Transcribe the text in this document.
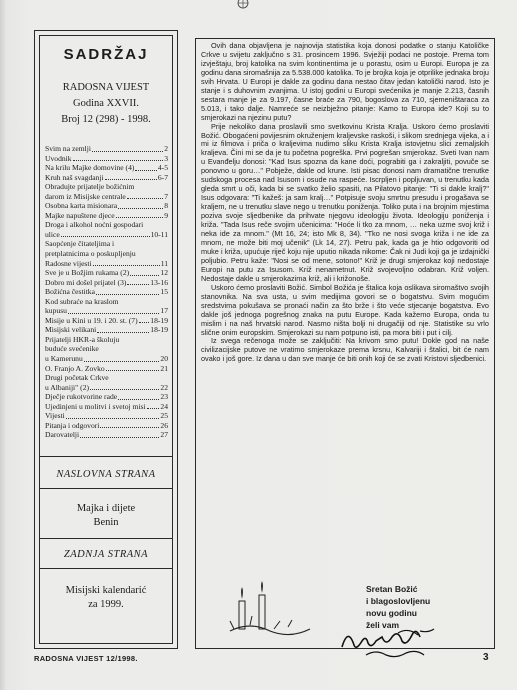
SADRŽAJ
RADOSNA VIJEST
Godina XXVII.
Broj 12 (298) - 1998.
Svim na zemlji	2
Uvodnik	3
Na krilu Majke domovine (4)	4-5
Kruh naš svagdanji	6-7
Obradujte prijatelje božićnim
darom iz Misijske centrale	7
Osobna karta misionara	8
Majke napuštene djece	9
Droga i alkohol noćni gospodari
ulice	10-11
Saopćenje čitateljima i
pretplatnicima o poskupljenju
Radosne vijesti	11
Sve je u Božjim rukama (2)	12
Dobro mi došel prijatel (3)	13-16
Božićna čestitka	15
Kod subraće na kraslom
kupusu	17
Misije u Kini u 19. i 20. st. (7) 18-19
Misijski velikani	18-19
Prijatelji HKR-a školuju
buduće svećenike
u Kamerunu	20
O. Franjo A. Zovko	21
Drugi početak Crkve
u Albaniji" (2)	22
Dječje rukotvorine rade	23
Ujedinjeni u molitvi i svetoj misi 24
Vijesti	25
Pitanja i odgovori	26
Darovatelji	27
NASLOVNA STRANA
Majka i dijete
Benin
ZADNJA STRANA
Misijski kalendarić
za 1999.

Ovih dana objavljena je najnovija statistika koja donosi podatke o stanju Katoličke Crkve u svijetu zaključno s 31. prosincem 1996. Svježiji podaci ne postoje. Prema tom izvještaju, broj katolika na svim kontinentima je u porastu, osim u Europi. Europa je za godinu dana siromašnija za 5.538.000 katolika. To je brojka koja je otprilike jednaka broju svih Hrvata. U Europi je dakle za godinu dana nestao čitav jedan katolički narod. Isto je stanje i s duhovnim zvanjima. U istoj godini u Europi svećenika je manje 2.213, časnih sestara manje je za 9.197, časne braće za 790, bogoslova za 710, sjemeništaraca za 5.013, i tako dalje. Namreće se neizbježno pitanje: Kamo to Europa ide? Koji su to smjerokazi na njezinu putu?

Prije nekoliko dana proslavili smo svetkovinu Krista Kralja. Uskoro ćemo proslaviti Božić. Obogaćeni povijesnim okruženjem kraljevske raskoši, i slikom srednjega vijeka, a i mi iz filmova i priča o kraljevima nudimo sliku Krista Kralja istovjetnu slici zemaljskih kraljeva. Čini mi se da je tu početna pogreška. Prvi pogrešan smjerokaz. Sveti Ivan nam u Evanđelju donosi: "Kad Isus spozna da kane doći, pograbiti ga i zakraljiti, povuče se ponovno u goru…" Pobježe, dakle od krune. Isti pisac donosi nam dramatične trenutke sudskoga procesa nad Isusom i osude na raspeće. Iscrpljen i popljuvan, u trenutku kada gleda smrt u oči, kada bi se svatko želio spasiti, na Pilatovo pitanje: "Ti si dakle kralj?" Isus odgovara: "Ti kažeš: ja sam kralj…" Potpisuje svoju smrtnu presudu i progašava se kraljem, ne u trenutku slave nego u trenutku poniženja. Toliko puta i na brojnim mjestima poziva svoje sljedbenike da prihvate njegovu ideologiju života. Ideologiju poniženja i križa. "Tada Isus reče svojim učenicima: "Hoće li tko za mnom, … neka uzme svoj križ i neka ide za mnom." (Mt 16, 24; isto Mk 8, 34). "Tko ne nosi svoga križa i ne ide za mnom, ne može biti moj učenik" (Lk 14, 27). Petru pak, kada ga je htio odgovoriti od muke i križa, upućuje riječ koju nije uputio nikada nikome: Čak ni Judi koji ga je izdajnički poljubio. Petru kaže: "Nosi se od mene, sotono!" Križ je drugi smjerokaz koji nedostaje Europi na putu za Isusom. Križ nenametnut. Križ svojevoljno odabran. Križ voljen. Nedostaje dakle u smjerokazima križ, ali i križonoše.

Uskoro ćemo proslaviti Božić. Simbol Božića je štalica koja oslikava siromaštvo svojih stanovnika. Na sva usta, u svim medijima govori se o bogatstvu. Svim mogućim sredstvima pokušava se pronaći način za što brže i što veće stjecanje bogatstva. Evo dakle još jednoga pogrešnog znaka na putu Europe. Kada kažemo Europa, onda tu mislim i na naš hrvatski narod. Nasmo ništa bolji ni drugačiji od nje. Statistike su vrlo slične onim europskim. Smjerokazi su nam potpuno isti, pa mora biti i put i cilj.

Iz svega rečenoga može se zaključiti: Na krivom smo putu! Dokle god na naše civilizacijske putove ne vratimo smjerokaze prema krsnu, Kalvariji i štalici, bit će nam ovako i još gore. Iz dana u dan sve manje će biti onih koji će se zvati Kristovi sljedbenici.

Sretan Božić
i blagoslovljenu
novu godinu
želi vam
RADOSNA VIJEST 12/1998.	3
